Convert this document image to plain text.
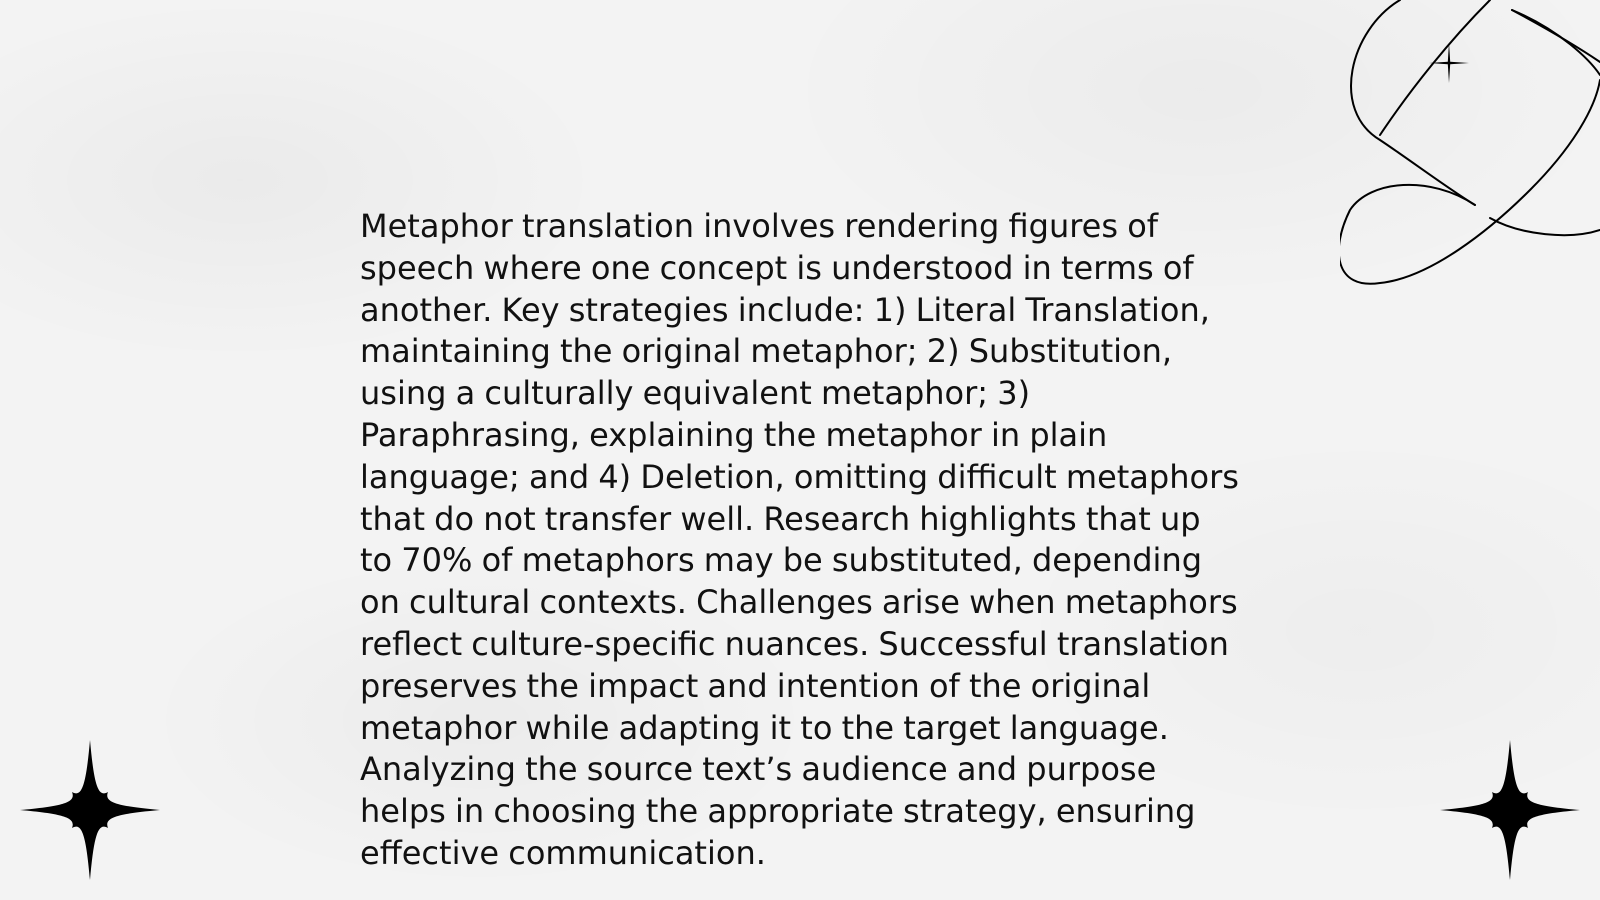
Metaphor translation involves rendering figures of speech where one concept is understood in terms of another. Key strategies include: 1) Literal Translation, maintaining the original metaphor; 2) Substitution, using a culturally equivalent metaphor; 3) Paraphrasing, explaining the metaphor in plain language; and 4) Deletion, omitting difficult metaphors that do not transfer well. Research highlights that up to 70% of metaphors may be substituted, depending on cultural contexts. Challenges arise when metaphors reflect culture-specific nuances. Successful translation preserves the impact and intention of the original metaphor while adapting it to the target language. Analyzing the source text’s audience and purpose helps in choosing the appropriate strategy, ensuring effective communication.
